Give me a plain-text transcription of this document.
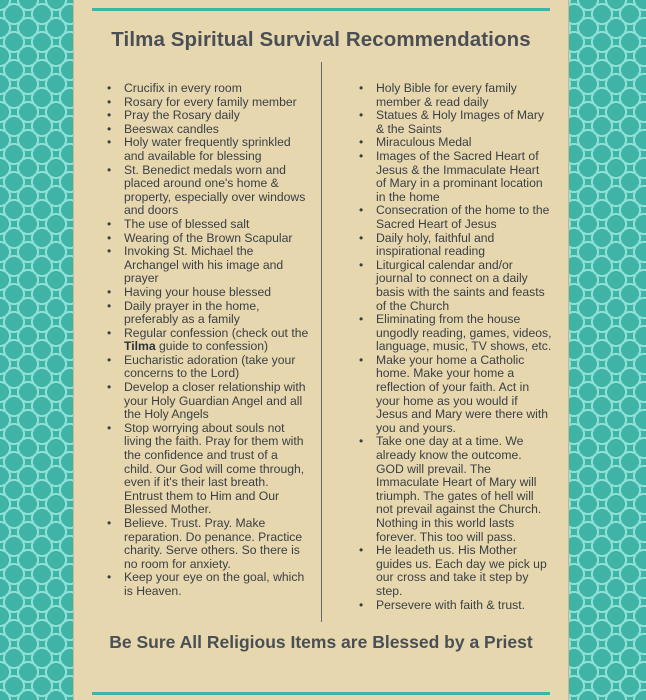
Tilma Spiritual Survival Recommendations
• Crucifix in every room
• Rosary for every family member
• Pray the Rosary daily
• Beeswax candles
• Holy water frequently sprinkled and available for blessing
• St. Benedict medals worn and placed around one's home & property, especially over windows and doors
• The use of blessed salt
• Wearing of the Brown Scapular
• Invoking St. Michael the Archangel with his image and prayer
• Having your house blessed
• Daily prayer in the home, preferably as a family
• Regular confession (check out the Tilma guide to confession)
• Eucharistic adoration (take your concerns to the Lord)
• Develop a closer relationship with your Holy Guardian Angel and all the Holy Angels
• Stop worrying about souls not living the faith. Pray for them with the confidence and trust of a child. Our God will come through, even if it's their last breath. Entrust them to Him and Our Blessed Mother.
• Believe. Trust. Pray. Make reparation. Do penance. Practice charity. Serve others. So there is no room for anxiety.
• Keep your eye on the goal, which is Heaven.
• Holy Bible for every family member & read daily
• Statues & Holy Images of Mary & the Saints
• Miraculous Medal
• Images of the Sacred Heart of Jesus & the Immaculate Heart of Mary in a prominant location in the home
• Consecration of the home to the Sacred Heart of Jesus
• Daily holy, faithful and inspirational reading
• Liturgical calendar and/or journal to connect on a daily basis with the saints and feasts of the Church
• Eliminating from the house ungodly reading, games, videos, language, music, TV shows, etc.
• Make your home a Catholic home. Make your home a reflection of your faith. Act in your home as you would if Jesus and Mary were there with you and yours.
• Take one day at a time. We already know the outcome. GOD will prevail. The Immaculate Heart of Mary will triumph. The gates of hell will not prevail against the Church. Nothing in this world lasts forever. This too will pass.
• He leadeth us. His Mother guides us. Each day we pick up our cross and take it step by step.
• Persevere with faith & trust.
Be Sure All Religious Items are Blessed by a Priest
